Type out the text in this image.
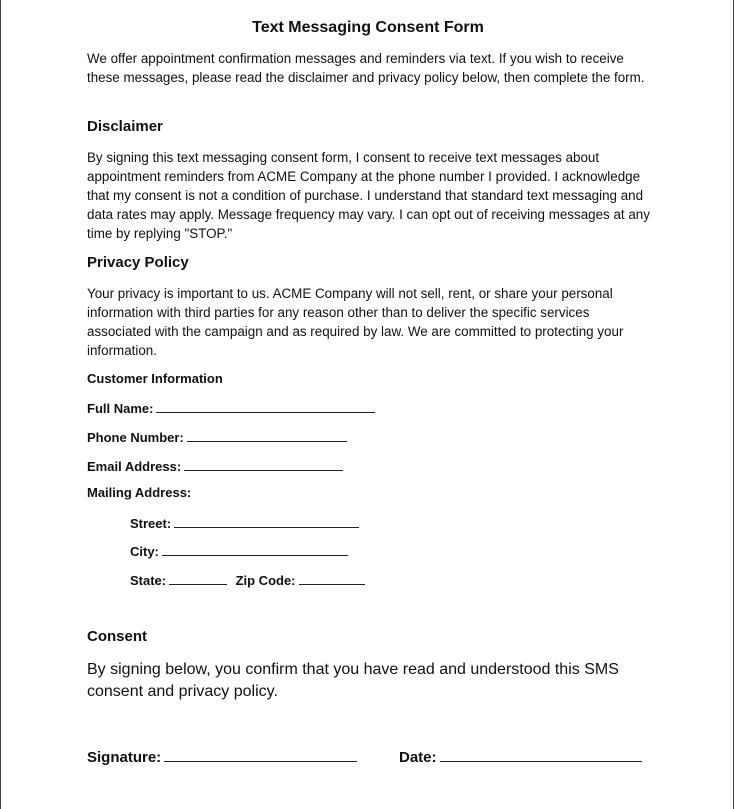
Text Messaging Consent Form
We offer appointment confirmation messages and reminders via text. If you wish to receive these messages, please read the disclaimer and privacy policy below, then complete the form.
Disclaimer
By signing this text messaging consent form, I consent to receive text messages about appointment reminders from ACME Company at the phone number I provided. I acknowledge that my consent is not a condition of purchase. I understand that standard text messaging and data rates may apply. Message frequency may vary. I can opt out of receiving messages at any time by replying "STOP."
Privacy Policy
Your privacy is important to us. ACME Company will not sell, rent, or share your personal information with third parties for any reason other than to deliver the specific services associated with the campaign and as required by law. We are committed to protecting your information.
Customer Information
Full Name:
Phone Number:
Email Address:
Mailing Address:
Street:
City:
State:	Zip Code:
Consent
By signing below, you confirm that you have read and understood this SMS consent and privacy policy.
Signature:	Date:
